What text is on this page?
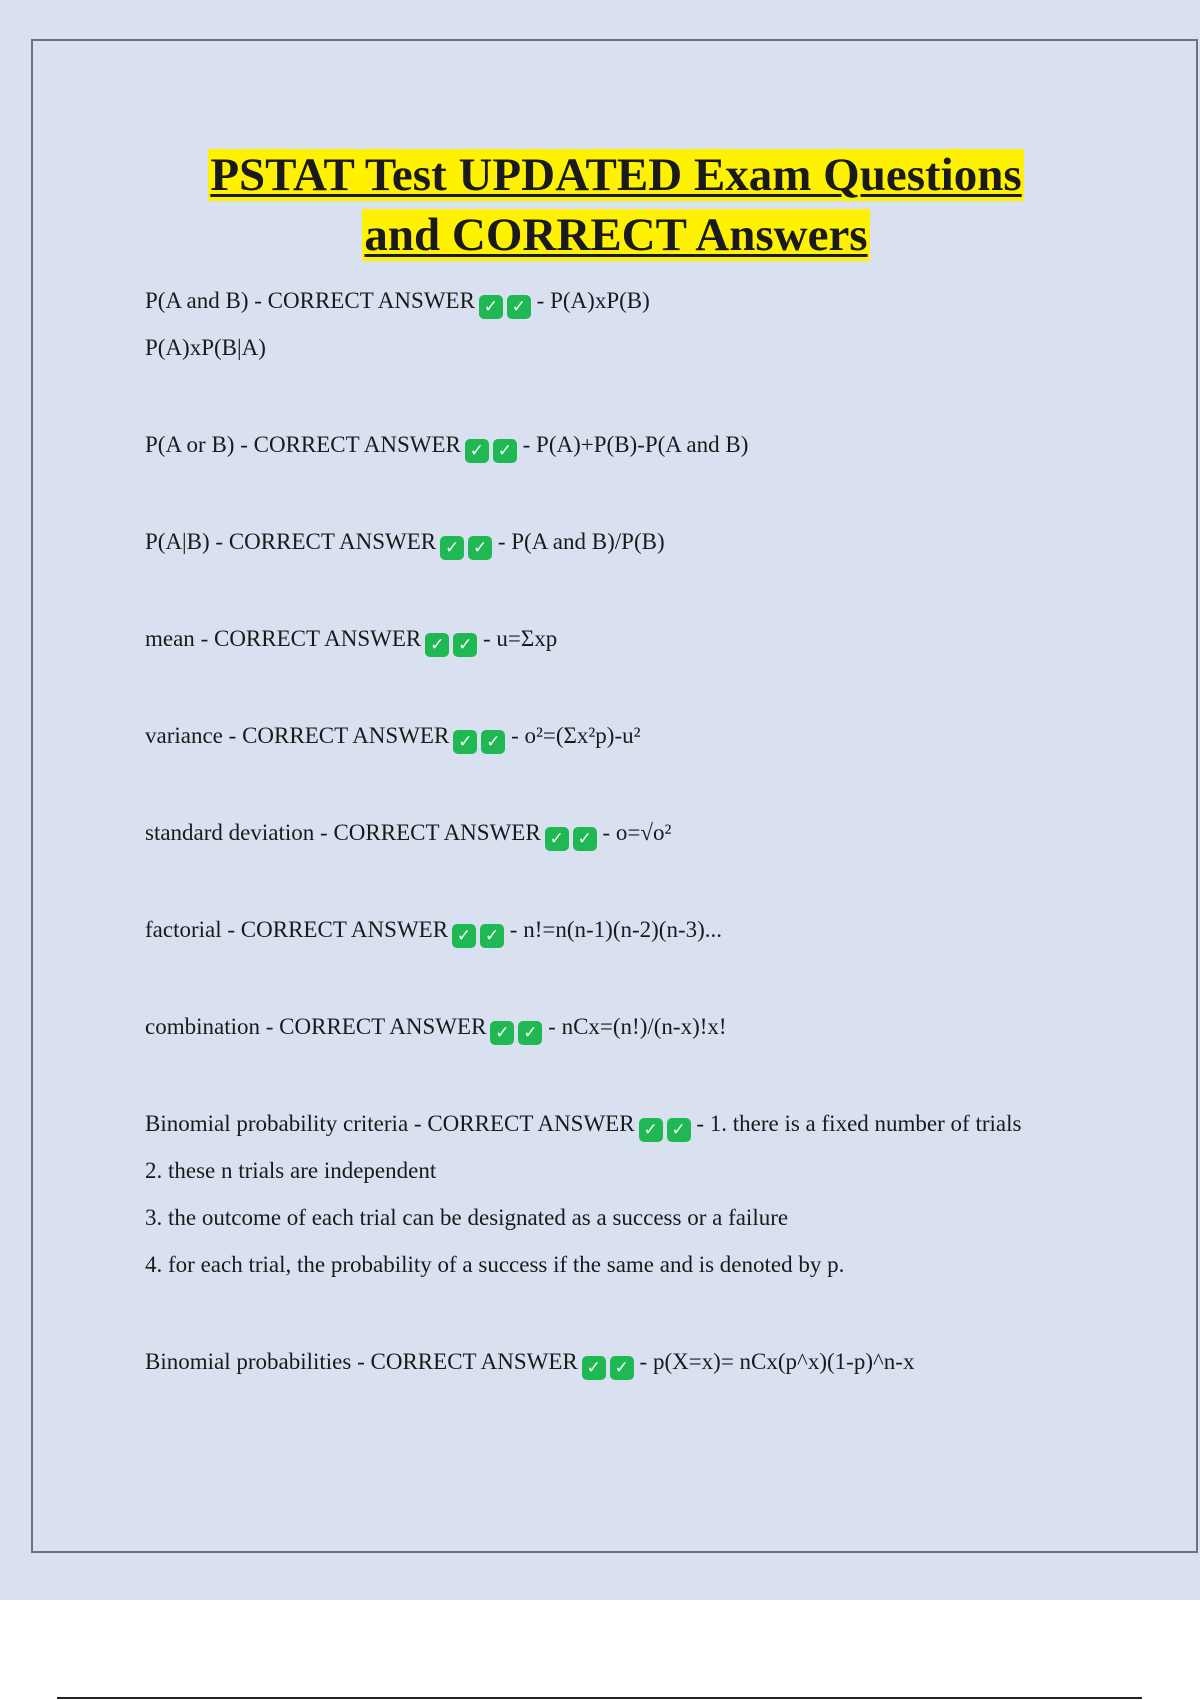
PSTAT Test UPDATED Exam Questions
and CORRECT Answers
P(A and B) - CORRECT ANSWER ✓ ✓ - P(A)xP(B)
P(A)xP(B|A)
P(A or B) - CORRECT ANSWER ✓ ✓ - P(A)+P(B)-P(A and B)
P(A|B) - CORRECT ANSWER ✓ ✓ - P(A and B)/P(B)
mean - CORRECT ANSWER ✓ ✓ - u=Σxp
variance - CORRECT ANSWER ✓ ✓ - o²=(Σx²p)-u²
standard deviation - CORRECT ANSWER ✓ ✓ - o=√o²
factorial - CORRECT ANSWER ✓ ✓ - n!=n(n-1)(n-2)(n-3)...
combination - CORRECT ANSWER ✓ ✓ - nCx=(n!)/(n-x)!x!
Binomial probability criteria - CORRECT ANSWER ✓ ✓ - 1. there is a fixed number of trials
2. these n trials are independent
3. the outcome of each trial can be designated as a success or a failure
4. for each trial, the probability of a success if the same and is denoted by p.
Binomial probabilities - CORRECT ANSWER ✓ ✓ - p(X=x)= nCx(p^x)(1-p)^n-x
